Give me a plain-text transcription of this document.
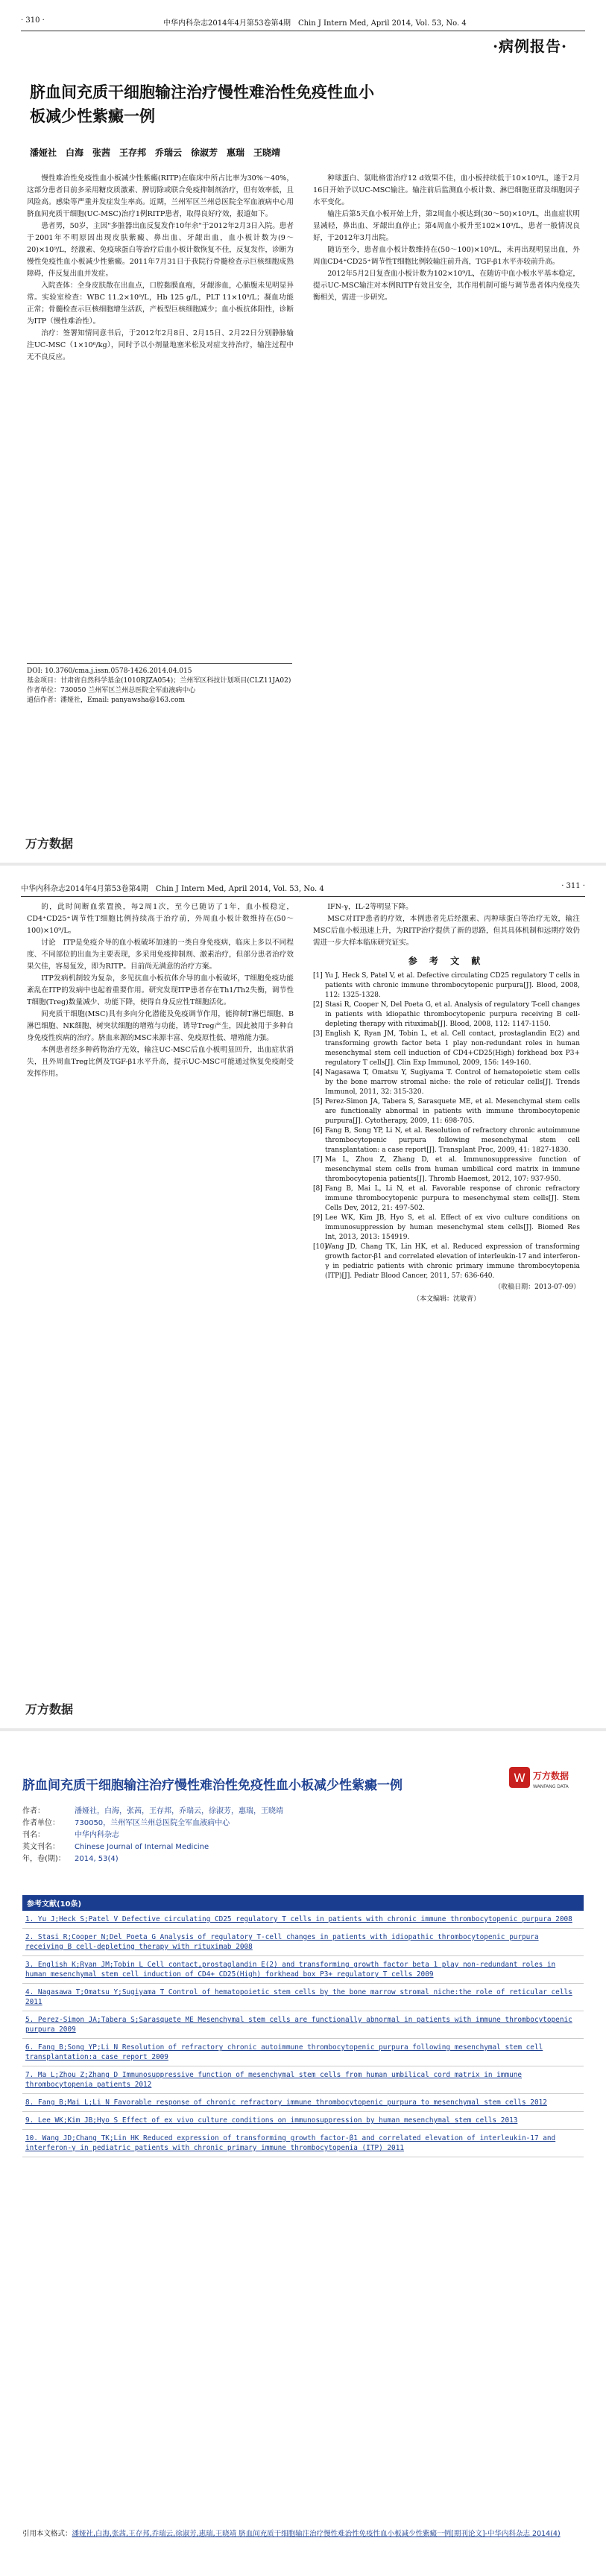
· 310 ·	中华内科杂志2014年4月第53卷第4期　Chin J Intern Med, April 2014, Vol. 53, No. 4
·病例报告·
脐血间充质干细胞输注治疗慢性难治性免疫性血小板减少性紫癜一例
潘娅社　白海　张茜　王存邦　乔瑞云　徐淑芳　惠瑞　王晓靖

慢性难治性免疫性血小板减少性紫癜(RITP)在临床中所占比率为30%～40%，这部分患者目前多采用糖皮质激素、脾切除或联合免疫抑制剂治疗，但有效率低，且风险高。感染等严重并发症发生率高。近期，兰州军区兰州总医院全军血液病中心用脐血间充质干细胞(UC-MSC)治疗1例RITP患者，取得良好疗效，报道如下。

患者男，50岁，主因"多脏器出血反复发作10年余"于2012年2月3日入院。患者于2001年不明原因出现皮肤紫癜、鼻出血、牙龈出血，血小板计数为(9～20)×10⁹/L，经激素、免疫球蛋白等治疗后血小板计数恢复不佳，反复发作，诊断为慢性免疫性血小板减少性紫癜。2011年7月31日于我院行骨髓检查示巨核细胞成熟障碍，伴反复出血并发症。

入院查体：全身皮肤散在出血点，口腔黏膜血疱，牙龈渗血，心肺腹未见明显异常。实验室检查：WBC 11.2×10⁹/L，Hb 125 g/L，PLT 11×10⁹/L；凝血功能正常；骨髓检查示巨核细胞增生活跃，产板型巨核细胞减少；血小板抗体阳性，诊断为ITP（慢性难治性）。

治疗：签署知情同意书后，于2012年2月8日、2月15日、2月22日分别静脉输注UC-MSC（1×10⁶/kg），同时予以小剂量地塞米松及对症支持治疗，输注过程中无不良反应。

种球蛋白、氯吡格雷治疗12 d效果不佳，血小板持续低于10×10⁹/L，遂于2月16日开始予以UC-MSC输注。输注前后监测血小板计数、淋巴细胞亚群及细胞因子水平变化。

输注后第5天血小板开始上升，第2周血小板达到(30～50)×10⁹/L，出血症状明显减轻，鼻出血、牙龈出血停止；第4周血小板升至102×10⁹/L，患者一般情况良好，于2012年3月出院。

随访至今，患者血小板计数维持在(50～100)×10⁹/L，未再出现明显出血，外周血CD4⁺CD25⁺调节性T细胞比例较输注前升高，TGF-β1水平亦较前升高。

2012年5月2日复查血小板计数为102×10⁹/L，在随访中血小板水平基本稳定，提示UC-MSC输注对本例RITP有效且安全，其作用机制可能与调节患者体内免疫失衡相关，需进一步研究。

DOI: 10.3760/cma.j.issn.0578-1426.2014.04.015
基金项目：甘肃省自然科学基金(1010RJZA054)；兰州军区科技计划项目(CLZ11JA02)
作者单位：730050 兰州军区兰州总医院全军血液病中心
通信作者：潘娅社，Email: panyawsha@163.com
万方数据
中华内科杂志2014年4月第53卷第4期　Chin J Intern Med, April 2014, Vol. 53, No. 4	· 311 ·

的，此时间断血浆置换，每2周1次，至今已随访了1年，血小板稳定，CD4⁺CD25⁺调节性T细胞比例持续高于治疗前，外周血小板计数维持在(50～100)×10⁹/L。

讨论　ITP是免疫介导的血小板破坏加速的一类自身免疫病，临床上多以不同程度、不同部位的出血为主要表现，多采用免疫抑制剂、激素治疗，但部分患者治疗效果欠佳，容易复发，即为RITP。目前尚无满意的治疗方案。

ITP发病机制较为复杂，多见抗血小板抗体介导的血小板破坏，T细胞免疫功能紊乱在ITP的发病中也起着重要作用。研究发现ITP患者存在Th1/Th2失衡，调节性T细胞(Treg)数量减少、功能下降，使得自身反应性T细胞活化。

间充质干细胞(MSC)具有多向分化潜能及免疫调节作用，能抑制T淋巴细胞、B淋巴细胞、NK细胞、树突状细胞的增殖与功能，诱导Treg产生，因此被用于多种自身免疫性疾病的治疗。脐血来源的MSC来源丰富、免疫原性低、增殖能力强。

本例患者经多种药物治疗无效，输注UC-MSC后血小板明显回升，出血症状消失，且外周血Treg比例及TGF-β1水平升高，提示UC-MSC可能通过恢复免疫耐受发挥作用。

IFN-γ，IL-2等明显下降。

MSC对ITP患者的疗效，本例患者先后经激素、丙种球蛋白等治疗无效，输注MSC后血小板迅速上升，为RITP治疗提供了新的思路，但其具体机制和远期疗效仍需进一步大样本临床研究证实。

参 考 文 献

[1] Yu J, Heck S, Patel V, et al. Defective circulating CD25 regulatory T cells in patients with chronic immune thrombocytopenic purpura[J]. Blood, 2008, 112: 1325-1328.

[2] Stasi R, Cooper N, Del Poeta G, et al. Analysis of regulatory T-cell changes in patients with idiopathic thrombocytopenic purpura receiving B cell-depleting therapy with rituximab[J]. Blood, 2008, 112: 1147-1150.

[3] English K, Ryan JM, Tobin L, et al. Cell contact, prostaglandin E(2) and transforming growth factor beta 1 play non-redundant roles in human mesenchymal stem cell induction of CD4+CD25(High) forkhead box P3+ regulatory T cells[J]. Clin Exp Immunol, 2009, 156: 149-160.

[4] Nagasawa T, Omatsu Y, Sugiyama T. Control of hematopoietic stem cells by the bone marrow stromal niche: the role of reticular cells[J]. Trends Immunol, 2011, 32: 315-320.

[5] Perez-Simon JA, Tabera S, Sarasquete ME, et al. Mesenchymal stem cells are functionally abnormal in patients with immune thrombocytopenic purpura[J]. Cytotherapy, 2009, 11: 698-705.

[6] Fang B, Song YP, Li N, et al. Resolution of refractory chronic autoimmune thrombocytopenic purpura following mesenchymal stem cell transplantation: a case report[J]. Transplant Proc, 2009, 41: 1827-1830.

[7] Ma L, Zhou Z, Zhang D, et al. Immunosuppressive function of mesenchymal stem cells from human umbilical cord matrix in immune thrombocytopenia patients[J]. Thromb Haemost, 2012, 107: 937-950.

[8] Fang B, Mai L, Li N, et al. Favorable response of chronic refractory immune thrombocytopenic purpura to mesenchymal stem cells[J]. Stem Cells Dev, 2012, 21: 497-502.

[9] Lee WK, Kim JB, Hyo S, et al. Effect of ex vivo culture conditions on immunosuppression by human mesenchymal stem cells[J]. Biomed Res Int, 2013, 2013: 154919.

[10]
Wang JD, Chang TK, Lin HK, et al. Reduced expression of transforming growth factor-β1 and correlated elevation of interleukin-17 and interferon-γ in pediatric patients with chronic primary immune thrombocytopenia (ITP)[J]. Pediatr Blood Cancer, 2011, 57: 636-640.

（收稿日期：2013-07-09）

（本文编辑：沈敏青）

万方数据
脐血间充质干细胞输注治疗慢性难治性免疫性血小板减少性紫癜一例
W 万方数据
WANFANG DATA
作者：	潘娅社，白海，张茜，王存邦，乔瑞云，徐淑芳，惠瑞，王晓靖
作者单位：	730050，兰州军区兰州总医院全军血液病中心
刊名：	中华内科杂志
英文刊名：	Chinese Journal of Internal Medicine
年，卷(期)：	2014, 53(4)
参考文献(10条)
1. Yu J;Heck S;Patel V Defective circulating CD25 regulatory T cells in patients with chronic immune thrombocytopenic purpura 2008
2. Stasi R;Cooper N;Del Poeta G Analysis of regulatory T-cell changes in patients with idiopathic thrombocytopenic purpura receiving B cell-depleting therapy with rituximab 2008
3. English K;Ryan JM;Tobin L Cell contact,prostaglandin E(2) and transforming growth factor beta 1 play non-redundant roles in human mesenchymal stem cell induction of CD4+ CD25(High) forkhead box P3+ regulatory T cells 2009
4. Nagasawa T;Omatsu Y;Sugiyama T Control of hematopoietic stem cells by the bone marrow stromal niche:the role of reticular cells 2011
5. Perez-Simon JA;Tabera S;Sarasquete ME Mesenchymal stem cells are functionally abnormal in patients with immune thrombocytopenic purpura 2009
6. Fang B;Song YP;Li N Resolution of refractory chronic autoimmune thrombocytopenic purpura following mesenchymal stem cell transplantation:a case report 2009
7. Ma L;Zhou Z;Zhang D Immunosuppressive function of mesenchymal stem cells from human umbilical cord matrix in immune thrombocytopenia patients 2012
8. Fang B;Mai L;Li N Favorable response of chronic refractory immune thrombocytopenic purpura to mesenchymal stem cells 2012
9. Lee WK;Kim JB;Hyo S Effect of ex vivo culture conditions on immunosuppression by human mesenchymal stem cells 2013
10. Wang JD;Chang TK;Lin HK Reduced expression of transforming growth factor-β1 and correlated elevation of interleukin-17 and interferon-γ in pediatric patients with chronic primary immune thrombocytopenia (ITP) 2011
引用本文格式：潘娅社,白海,张茜,王存邦,乔瑞云,徐淑芳,惠瑞,王晓靖 脐血间充质干细胞输注治疗慢性难治性免疫性血小板减少性紫癜一例[期刊论文]-中华内科杂志 2014(4)
